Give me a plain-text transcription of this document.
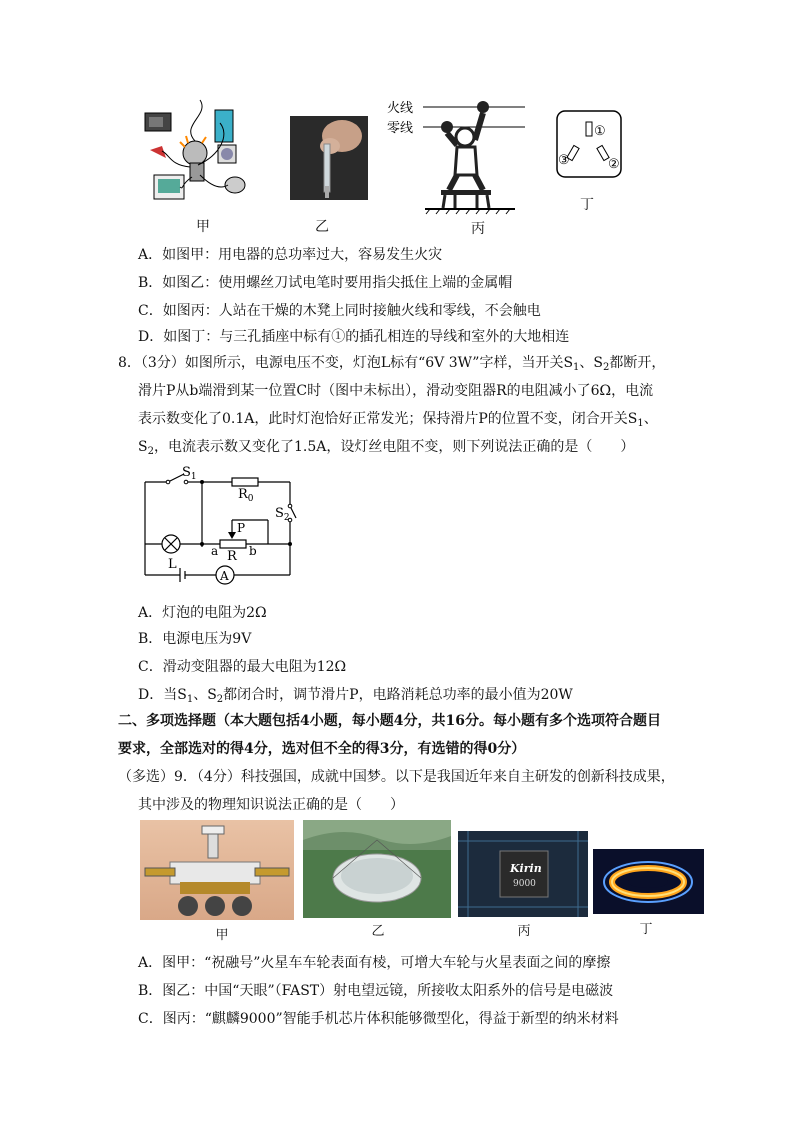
甲	乙
火线
零线
丙
①
②
③
丁
A．如图甲：用电器的总功率过大，容易发生火灾
B．如图乙：使用螺丝刀试电笔时要用指尖抵住上端的金属帽
C．如图丙：人站在干燥的木凳上同时接触火线和零线，不会触电
D．如图丁：与三孔插座中标有①的插孔相连的导线和室外的大地相连
8．（3分）如图所示，电源电压不变，灯泡L标有“6V 3W”字样，当开关$S_1$、$S_2$都断开，
滑片P从b端滑到某一位置C时（图中未标出），滑动变阻器R的电阻减小了6Ω，电流
表示数变化了0.1A，此时灯泡恰好正常发光；保持滑片P的位置不变，闭合开关$S_1$、
$S_2$，电流表示数又变化了1.5A，设灯丝电阻不变，则下列说法正确的是（　　）
$S_1$
$R_0$
$S_2$
P
a R b
L
A
A．灯泡的电阻为2Ω
B．电源电压为9V
C．滑动变阻器的最大电阻为12Ω
D．当$S_1$、$S_2$都闭合时，调节滑片P，电路消耗总功率的最小值为20W
二、多项选择题（本大题包括4小题，每小题4分，共16分。每小题有多个选项符合题目
要求，全部选对的得4分，选对但不全的得3分，有选错的得0分）
（多选）9．（4分）科技强国，成就中国梦。以下是我国近年来自主研发的创新科技成果，
其中涉及的物理知识说法正确的是（　　）
甲	乙
Kirin
9000
丙	丁
A．图甲：“祝融号”火星车车轮表面有棱，可增大车轮与火星表面之间的摩擦
B．图乙：中国“天眼”（FAST）射电望远镜，所接收太阳系外的信号是电磁波
C．图丙：“麒麟9000”智能手机芯片体积能够微型化，得益于新型的纳米材料
